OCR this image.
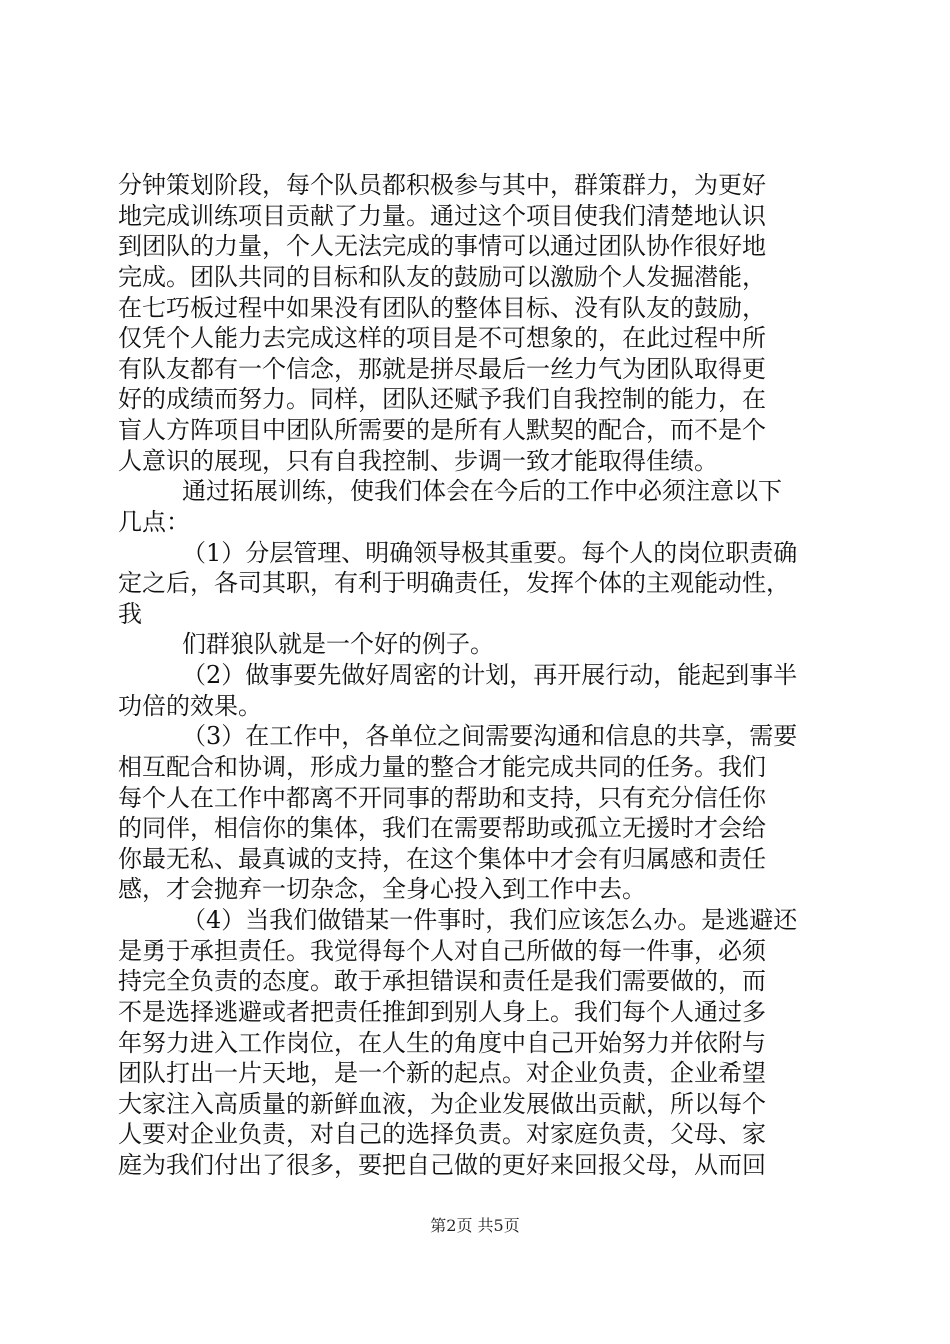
分钟策划阶段，每个队员都积极参与其中，群策群力，为更好
地完成训练项目贡献了力量。通过这个项目使我们清楚地认识
到团队的力量，个人无法完成的事情可以通过团队协作很好地
完成。团队共同的目标和队友的鼓励可以激励个人发掘潜能，
在七巧板过程中如果没有团队的整体目标、没有队友的鼓励，
仅凭个人能力去完成这样的项目是不可想象的，在此过程中所
有队友都有一个信念，那就是拼尽最后一丝力气为团队取得更
好的成绩而努力。同样，团队还赋予我们自我控制的能力，在
盲人方阵项目中团队所需要的是所有人默契的配合，而不是个
人意识的展现，只有自我控制、步调一致才能取得佳绩。
通过拓展训练，使我们体会在今后的工作中必须注意以下
几点：
（1）分层管理、明确领导极其重要。每个人的岗位职责确
定之后，各司其职，有利于明确责任，发挥个体的主观能动性，
我
们群狼队就是一个好的例子。
（2）做事要先做好周密的计划，再开展行动，能起到事半
功倍的效果。
（3）在工作中，各单位之间需要沟通和信息的共享，需要
相互配合和协调，形成力量的整合才能完成共同的任务。我们
每个人在工作中都离不开同事的帮助和支持，只有充分信任你
的同伴，相信你的集体，我们在需要帮助或孤立无援时才会给
你最无私、最真诚的支持，在这个集体中才会有归属感和责任
感，才会抛弃一切杂念，全身心投入到工作中去。
（4）当我们做错某一件事时，我们应该怎么办。是逃避还
是勇于承担责任。我觉得每个人对自己所做的每一件事，必须
持完全负责的态度。敢于承担错误和责任是我们需要做的，而
不是选择逃避或者把责任推卸到别人身上。我们每个人通过多
年努力进入工作岗位，在人生的角度中自己开始努力并依附与
团队打出一片天地，是一个新的起点。对企业负责，企业希望
大家注入高质量的新鲜血液，为企业发展做出贡献，所以每个
人要对企业负责，对自己的选择负责。对家庭负责，父母、家
庭为我们付出了很多，要把自己做的更好来回报父母，从而回
第2页 共5页
